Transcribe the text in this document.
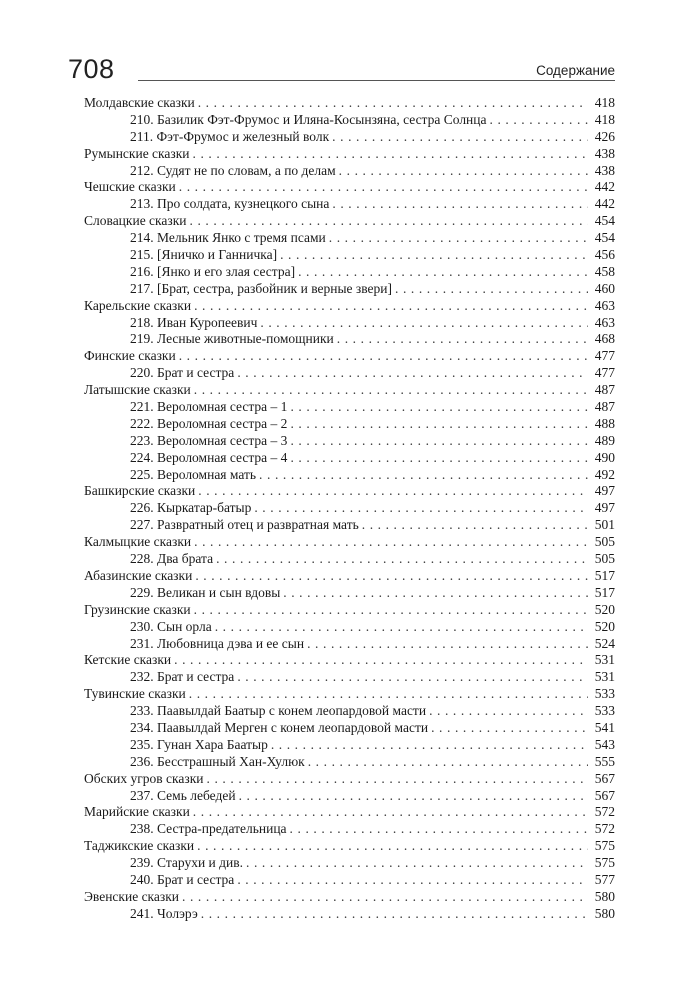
708	Содержание
Молдавские сказки . . .	418
210. Базилик Фэт-Фрумос и Иляна-Косынзяна, сестра Солнца . . .	418
211. Фэт-Фрумос и железный волк . . .	426
Румынские сказки . . .	438
212. Судят не по словам, а по делам . . .	438
Чешские сказки . . .	442
213. Про солдата, кузнецкого сына . . .	442
Словацкие сказки . . .	454
214. Мельник Янко с тремя псами . . .	454
215. [Яничко и Ганничка] . . .	456
216. [Янко и его злая сестра] . . .	458
217. [Брат, сестра, разбойник и верные звери] . . .	460
Карельские сказки . . .	463
218. Иван Куропеевич . . .	463
219. Лесные животные-помощники . . .	468
Финские сказки . . .	477
220. Брат и сестра . . .	477
Латышские сказки . . .	487
221. Вероломная сестра – 1 . . .	487
222. Вероломная сестра – 2 . . .	488
223. Вероломная сестра – 3 . . .	489
224. Вероломная сестра – 4 . . .	490
225. Вероломная мать . . .	492
Башкирские сказки . . .	497
226. Кыркатар-батыр . . .	497
227. Развратный отец и развратная мать . . .	501
Калмыцкие сказки . . .	505
228. Два брата . . .	505
Абазинские сказки . . .	517
229. Великан и сын вдовы . . .	517
Грузинские сказки . . .	520
230. Сын орла . . .	520
231. Любовница дэва и ее сын . . .	524
Кетские сказки . . .	531
232. Брат и сестра . . .	531
Тувинские сказки . . .	533
233. Паавылдай Баатыр с конем леопардовой масти . . .	533
234. Паавылдай Мерген с конем леопардовой масти . . .	541
235. Гунан Хара Баатыр . . .	543
236. Бесстрашный Хан-Хулюк . . .	555
Обских угров сказки . . .	567
237. Семь лебедей . . .	567
Марийские сказки . . .	572
238. Сестра-предательница . . .	572
Таджикские сказки . . .	575
239. Старухи и див. . . .	575
240. Брат и сестра . . .	577
Эвенские сказки . . .	580
241. Чолэрэ . . .	580
